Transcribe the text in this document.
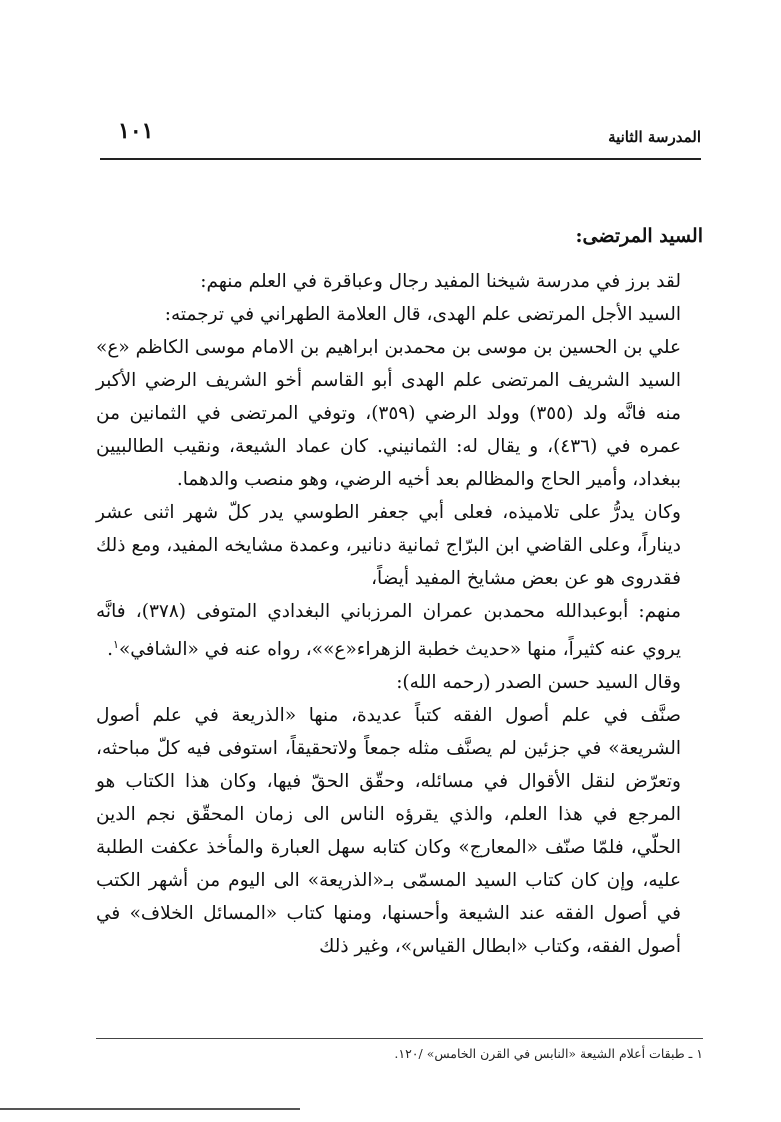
١٠١	المدرسة الثانية

السيد المرتضى:

لقد برز في مدرسة شيخنا المفيد رجال وعباقرة في العلم منهم:

السيد الأجل المرتضى علم الهدى، قال العلامة الطهراني في ترجمته:

علي بن الحسين بن موسى بن محمدبن ابراهيم بن الامام موسى الكاظم «ع» السيد الشريف المرتضى علم الهدى أبو القاسم أخو الشريف الرضي الأكبر منه فانَّه ولد (٣٥٥) وولد الرضي (٣٥٩)، وتوفي المرتضى في الثمانين من عمره في (٤٣٦)، و يقال له: الثمانيني. كان عماد الشيعة، ونقيب الطالبيين ببغداد، وأمير الحاج والمظالم بعد أخيه الرضي، وهو منصب والدهما.

وكان يدرُّ على تلاميذه، فعلى أبي جعفر الطوسي يدر كلّ شهر اثنى عشر ديناراً، وعلى القاضي ابن البرّاج ثمانية دنانير، وعمدة مشايخه المفيد، ومع ذلك فقدروى هو عن بعض مشايخ المفيد أيضاً،

منهم: أبوعبدالله محمدبن عمران المرزباني البغدادي المتوفى (٣٧٨)، فانَّه يروي عنه كثيراً، منها «حديث خطبة الزهراء«ع»»، رواه عنه في «الشافي»$^١$.

وقال السيد حسن الصدر (رحمه الله):

صنَّف في علم أصول الفقه كتباً عديدة، منها «الذريعة في علم أصول الشريعة» في جزئين لم يصنَّف مثله جمعاً ولاتحقيقاً، استوفى فيه كلّ مباحثه، وتعرّض لنقل الأقوال في مسائله، وحقّق الحقّ فيها، وكان هذا الكتاب هو المرجع في هذا العلم، والذي يقرؤه الناس الى زمان المحقّق نجم الدين الحلّي، فلمّا صنّف «المعارج» وكان كتابه سهل العبارة والمأخذ عكفت الطلبة عليه، وإن كان كتاب السيد المسمّى بـ«الذريعة» الى اليوم من أشهر الكتب في أصول الفقه عند الشيعة وأحسنها، ومنها كتاب «المسائل الخلاف» في أصول الفقه، وكتاب «ابطال القياس»، وغير ذلك

١ ـ طبقات أعلام الشيعة «النابس في القرن الخامس» /١٢٠.
